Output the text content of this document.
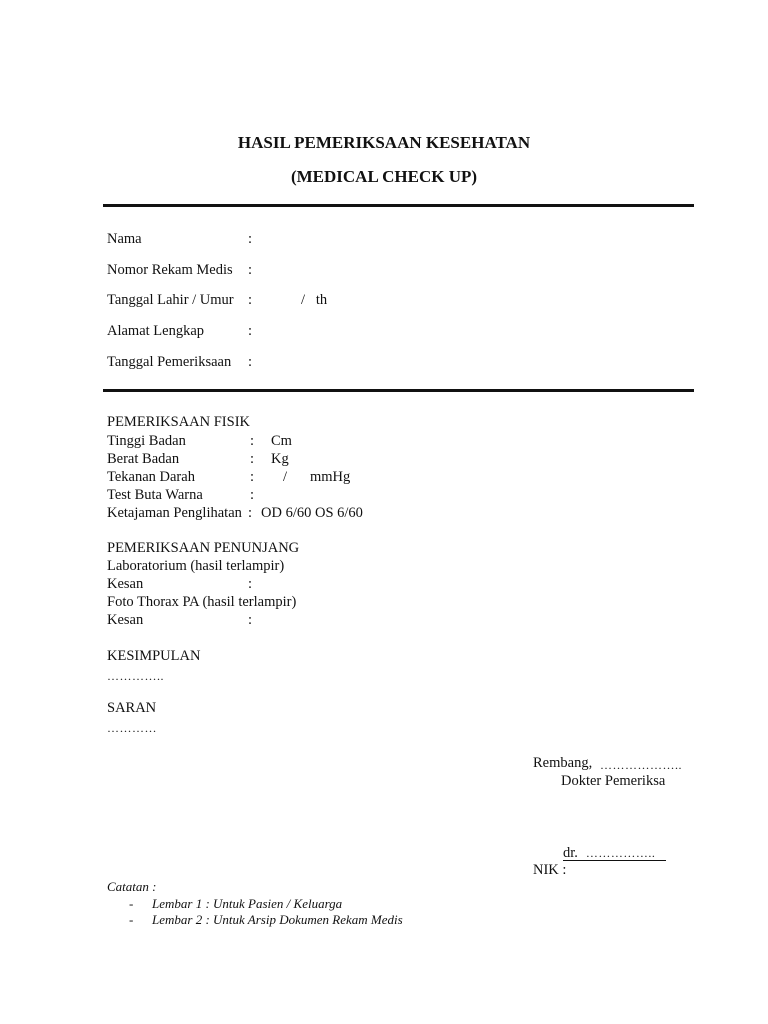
HASIL PEMERIKSAAN KESEHATAN
(MEDICAL CHECK UP)
Nama	:
Nomor Rekam Medis :
Tanggal Lahir / Umur :	/   th
Alamat Lengkap	:
Tanggal Pemeriksaan :
PEMERIKSAAN FISIK
Tinggi Badan	: Cm
Berat Badan	: Kg
Tekanan Darah	: / mmHg
Test Buta Warna	:
Ketajaman Penglihatan : OD 6/60 OS 6/60
PEMERIKSAAN PENUNJANG
Laboratorium (hasil terlampir)
Kesan	:
Foto Thorax PA (hasil terlampir)
Kesan	:
KESIMPULAN
…………..
SARAN
…………
Rembang, ………………..
Dokter Pemeriksa
dr. ……………..
NIK :
Catatan :
- Lembar 1 : Untuk Pasien / Keluarga
- Lembar 2 : Untuk Arsip Dokumen Rekam Medis
